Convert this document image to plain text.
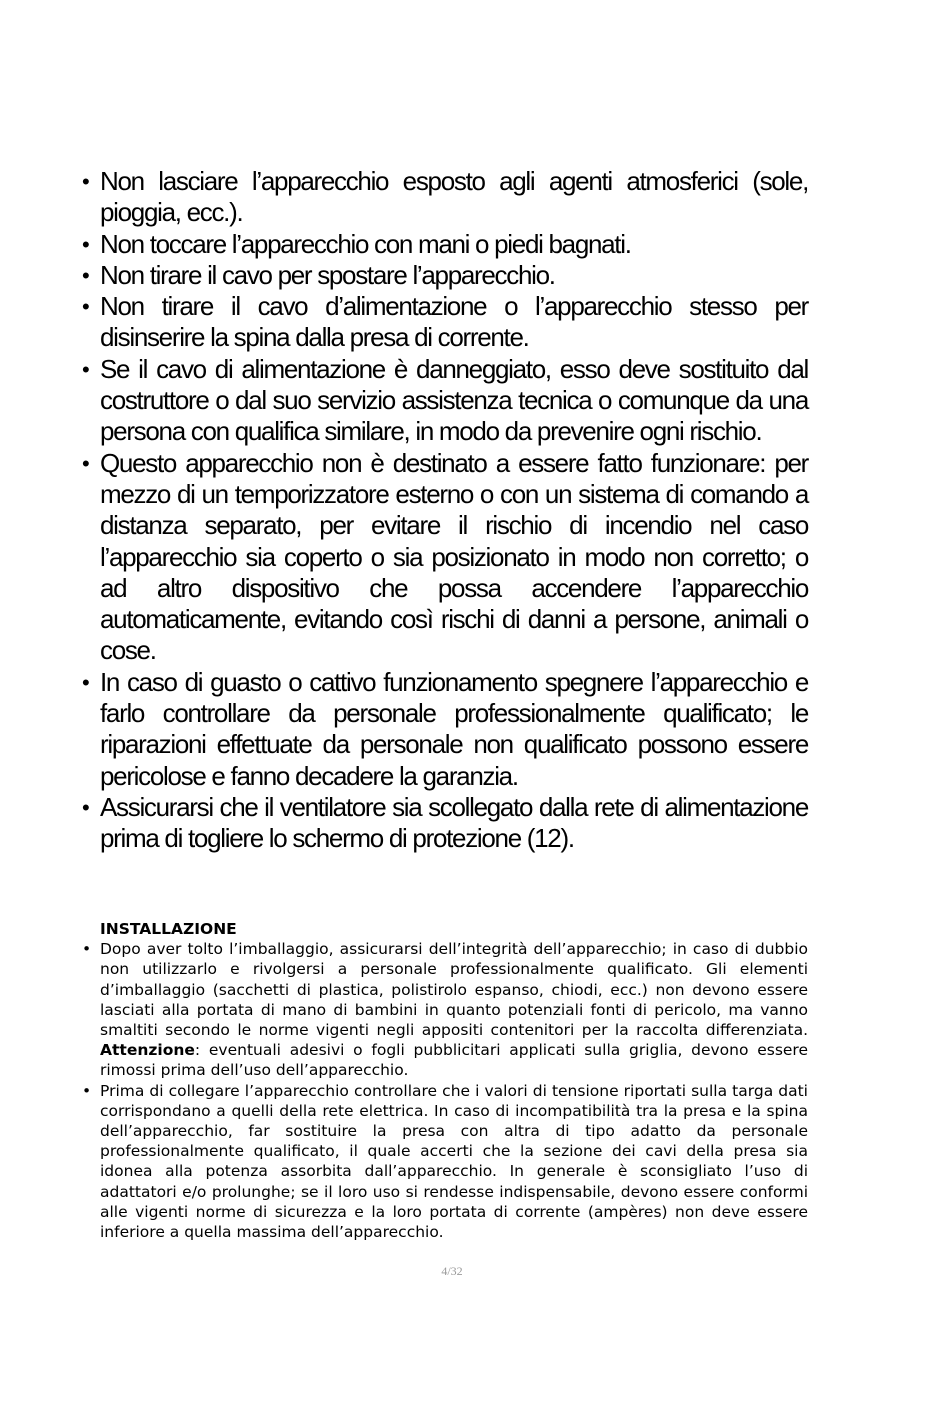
• Non lasciare l’apparecchio esposto agli agenti atmosferici (sole, pioggia, ecc.).
• Non toccare l’apparecchio con mani o piedi bagnati.
• Non tirare il cavo per spostare l’apparecchio.
• Non tirare il cavo d’alimentazione o l’apparecchio stesso per disinserire la spina dalla presa di corrente.
• Se il cavo di alimentazione è danneggiato, esso deve sostituito dal costruttore o dal suo servizio assistenza tecnica o comunque da una persona con qualifica similare, in modo da prevenire ogni rischio.
• Questo apparecchio non è destinato a essere fatto funzionare: per mezzo di un temporizzatore esterno o con un sistema di comando a distanza separato, per evitare il rischio di incendio nel caso l’apparecchio sia coperto o sia posizionato in modo non corretto; o ad altro dispositivo che possa accendere l’apparecchio automaticamente, evitando così rischi di danni a persone, animali o cose.
• In caso di guasto o cattivo funzionamento spegnere l’apparecchio e farlo controllare da personale professionalmente qualificato; le riparazioni effettuate da personale non qualificato possono essere pericolose e fanno decadere la garanzia.
• Assicurarsi che il ventilatore sia scollegato dalla rete di alimentazione prima di togliere lo schermo di protezione (12).

INSTALLAZIONE

• Dopo aver tolto l’imballaggio, assicurarsi dell’integrità dell’apparecchio; in caso di dubbio non utilizzarlo e rivolgersi a personale professionalmente qualificato. Gli elementi d’imballaggio (sacchetti di plastica, polistirolo espanso, chiodi, ecc.) non devono essere lasciati alla portata di mano di bambini in quanto potenziali fonti di pericolo, ma vanno smaltiti secondo le norme vigenti negli appositi contenitori per la raccolta differenziata. Attenzione: eventuali adesivi o fogli pubblicitari applicati sulla griglia, devono essere rimossi prima dell’uso dell’apparecchio.
• Prima di collegare l’apparecchio controllare che i valori di tensione riportati sulla targa dati corrispondano a quelli della rete elettrica. In caso di incompatibilità tra la presa e la spina dell’apparecchio, far sostituire la presa con altra di tipo adatto da personale professionalmente qualificato, il quale accerti che la sezione dei cavi della presa sia idonea alla potenza assorbita dall’apparecchio. In generale è sconsigliato l’uso di adattatori e/o prolunghe; se il loro uso si rendesse indispensabile, devono essere conformi alle vigenti norme di sicurezza e la loro portata di corrente (ampères) non deve essere inferiore a quella massima dell’apparecchio.
4/32
